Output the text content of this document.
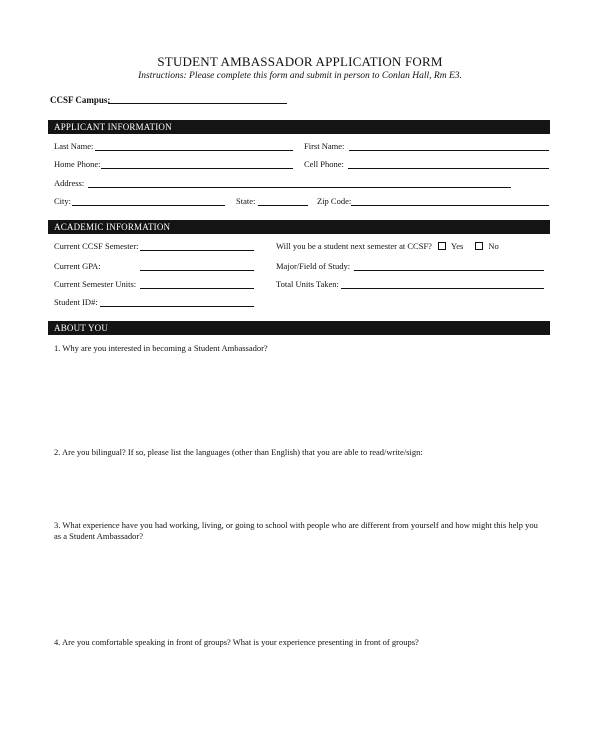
STUDENT AMBASSADOR APPLICATION FORM
Instructions: Please complete this form and submit in person to Conlan Hall, Rm E3.
CCSF Campus:
APPLICANT INFORMATION
Last Name:	First Name:
Home Phone:	Cell Phone:
Address:
City:	State:	Zip Code:
ACADEMIC INFORMATION
Current CCSF Semester:	Will you be a student next semester at CCSF? Yes	No
Current GPA:	Major/Field of Study:
Current Semester Units:	Total Units Taken:
Student ID#:
ABOUT YOU
1. Why are you interested in becoming a Student Ambassador?
2. Are you bilingual? If so, please list the languages (other than English) that you are able to read/write/sign:
3. What experience have you had working, living, or going to school with people who are different from yourself and how might this help you as a Student Ambassador?
4. Are you comfortable speaking in front of groups? What is your experience presenting in front of groups?
